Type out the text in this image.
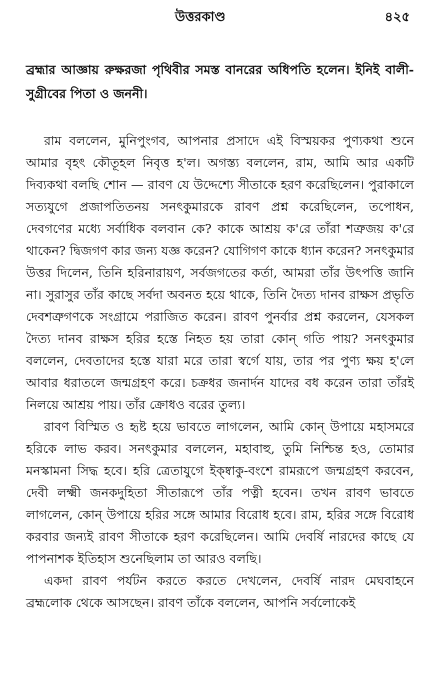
উত্তরকাণ্ড	৪২৫

ব্রহ্মার আজ্ঞায় রুক্ষরজা পৃথিবীর সমস্ত বানরের অধিপতি হলেন। ইনিই বালী-সুগ্রীবের পিতা ও জননী।

রাম বললেন, মুনিপুংগব, আপনার প্রসাদে এই বিস্ময়কর পুণ্যকথা শুনে আমার বৃহৎ কৌতূহল নিবৃত্ত হ'ল। অগস্ত্য বললেন, রাম, আমি আর একটি দিব্যকথা বলছি শোন — রাবণ যে উদ্দেশ্যে সীতাকে হরণ করেছিলেন। পুরাকালে সত্যযুগে প্রজাপতিতনয় সনৎকুমারকে রাবণ প্রশ্ন করেছিলেন, তপোধন, দেবগণের মধ্যে সর্বাধিক বলবান কে? কাকে আশ্রয় ক'রে তাঁরা শত্রুজয় ক'রে থাকেন? দ্বিজগণ কার জন্য যজ্ঞ করেন? যোগিগণ কাকে ধ্যান করেন? সনৎকুমার উত্তর দিলেন, তিনি হরিনারায়ণ, সর্বজগতের কর্তা, আমরা তাঁর উৎপত্তি জানি না। সুরাসুর তাঁর কাছে সর্বদা অবনত হয়ে থাকে, তিনি দৈত্য দানব রাক্ষস প্রভৃতি দেবশত্রুগণকে সংগ্রামে পরাজিত করেন। রাবণ পুনর্বার প্রশ্ন করলেন, যেসকল দৈত্য দানব রাক্ষস হরির হস্তে নিহত হয় তারা কোন্ গতি পায়? সনৎকুমার বললেন, দেবতাদের হস্তে যারা মরে তারা স্বর্গে যায়, তার পর পুণ্য ক্ষয় হ'লে আবার ধরাতলে জন্মগ্রহণ করে। চক্রধর জনার্দন যাদের বধ করেন তারা তাঁরই নিলয়ে আশ্রয় পায়। তাঁর ক্রোধও বরের তুল্য।

রাবণ বিস্মিত ও হৃষ্ট হয়ে ভাবতে লাগলেন, আমি কোন্ উপায়ে মহাসমরে হরিকে লাভ করব। সনৎকুমার বললেন, মহাবাহু, তুমি নিশ্চিন্ত হও, তোমার মনস্কামনা সিদ্ধ হবে। হরি ত্রেতাযুগে ইক্ষ্বাকু-বংশে রামরূপে জন্মগ্রহণ করবেন, দেবী লক্ষ্মী জনকদুহিতা সীতারূপে তাঁর পত্নী হবেন। তখন রাবণ ভাবতে লাগলেন, কোন্ উপায়ে হরির সঙ্গে আমার বিরোধ হবে। রাম, হরির সঙ্গে বিরোধ করবার জন্যই রাবণ সীতাকে হরণ করেছিলেন। আমি দেবর্ষি নারদের কাছে যে পাপনাশক ইতিহাস শুনেছিলাম তা আরও বলছি।

একদা রাবণ পর্যটন করতে করতে দেখলেন, দেবর্ষি নারদ মেঘবাহনে ব্রহ্মলোক থেকে আসছেন। রাবণ তাঁকে বললেন, আপনি সর্বলোকেই
